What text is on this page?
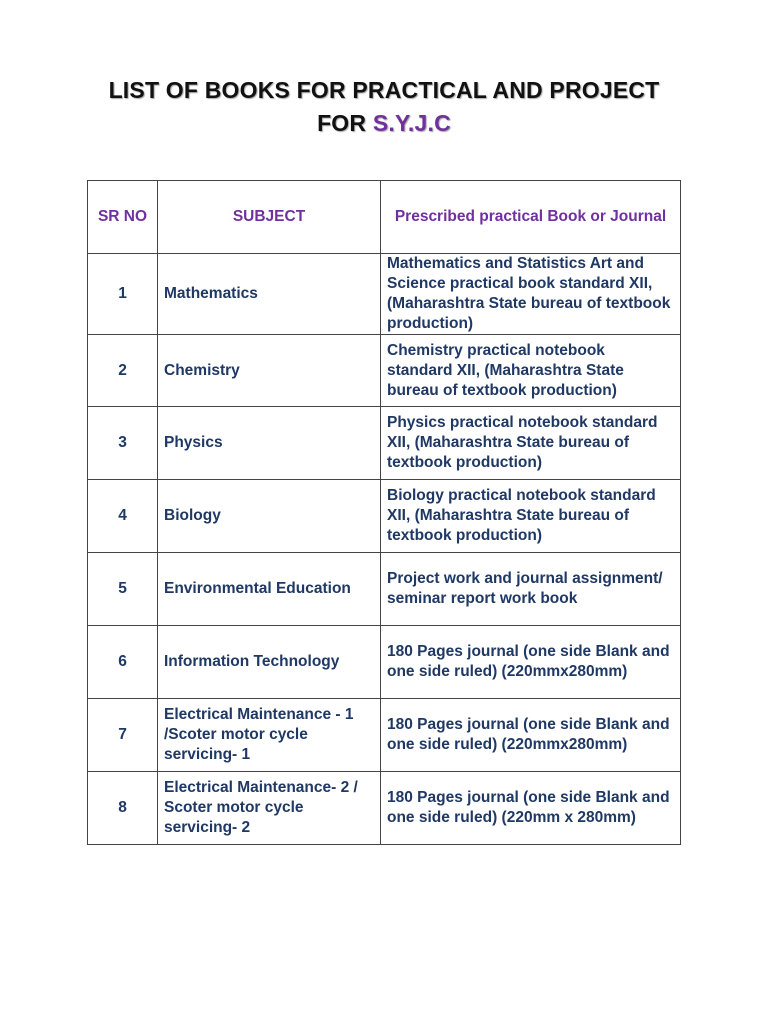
LIST OF BOOKS FOR PRACTICAL AND PROJECT
FOR S.Y.J.C
SR NO	SUBJECT	Prescribed practical Book or Journal
1	Mathematics	Mathematics and Statistics Art and Science practical book standard XII, (Maharashtra State bureau of textbook production)
2	Chemistry	Chemistry practical notebook standard XII, (Maharashtra State bureau of textbook production)
3	Physics	Physics practical notebook standard XII, (Maharashtra State bureau of textbook production)
4	Biology	Biology practical notebook standard XII, (Maharashtra State bureau of textbook production)
5	Environmental Education	Project work and journal assignment/ seminar report work book
6	Information Technology	180 Pages journal (one side Blank and one side ruled) (220mmx280mm)
7	Electrical Maintenance - 1 /Scoter motor cycle servicing- 1	180 Pages journal (one side Blank and one side ruled) (220mmx280mm)
8	Electrical Maintenance- 2 / Scoter motor cycle servicing- 2	180 Pages journal (one side Blank and one side ruled) (220mm x 280mm)
